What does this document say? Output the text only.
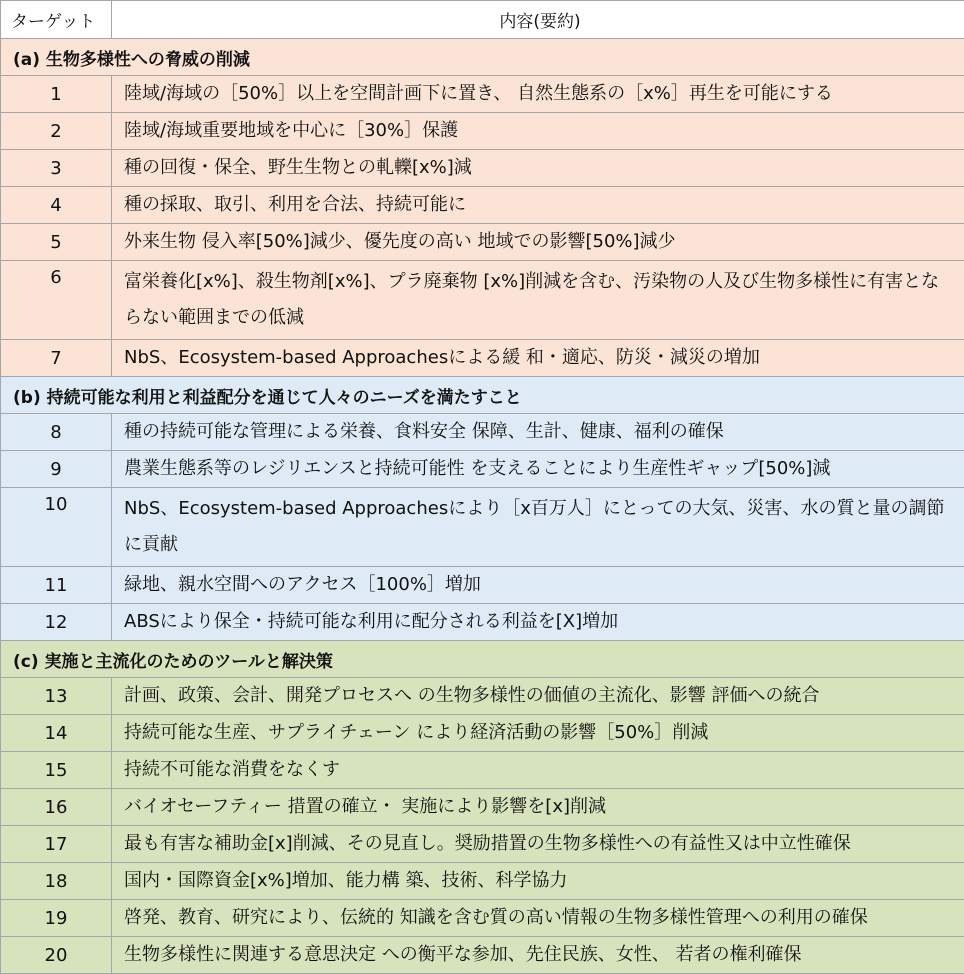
ターゲット	内容(要約)
(a) 生物多様性への脅威の削減	
1	陸域/海域の［50%］以上を空間計画下に置き、 自然生態系の［x%］再生を可能にする
2	陸域/海域重要地域を中心に［30%］保護
3	種の回復・保全、野生生物との軋轢[x%]減
4	種の採取、取引、利用を合法、持続可能に
5	外来生物 侵入率[50%]減少、優先度の高い 地域での影響[50%]減少
6	富栄養化[x%]、殺生物剤[x%]、プラ廃棄物 [x%]削減を含む、汚染物の人及び生物多様性に有害とならない範囲までの低減
7	NbS、Ecosystem-based Approachesによる緩 和・適応、防災・減災の増加
(b) 持続可能な利用と利益配分を通じて人々のニーズを満たすこと	
8	種の持続可能な管理による栄養、食料安全 保障、生計、健康、福利の確保
9	農業生態系等のレジリエンスと持続可能性 を支えることにより生産性ギャップ[50%]減
10	NbS、Ecosystem-based Approachesにより［x百万人］にとっての大気、災害、水の質と量の調節に貢献
11	緑地、親水空間へのアクセス［100%］増加
12	ABSにより保全・持続可能な利用に配分される利益を[X]増加
(c) 実施と主流化のためのツールと解決策	
13	計画、政策、会計、開発プロセスへ の生物多様性の価値の主流化、影響 評価への統合
14	持続可能な生産、サプライチェーン により経済活動の影響［50%］削減
15	持続不可能な消費をなくす
16	バイオセーフティー 措置の確立・ 実施により影響を[x]削減
17	最も有害な補助金[x]削減、その見直し。奨励措置の生物多様性への有益性又は中立性確保
18	国内・国際資金[x%]増加、能力構 築、技術、科学協力
19	啓発、教育、研究により、伝統的 知識を含む質の高い情報の生物多様性管理への利用の確保
20	生物多様性に関連する意思決定 への衡平な参加、先住民族、女性、 若者の権利確保
